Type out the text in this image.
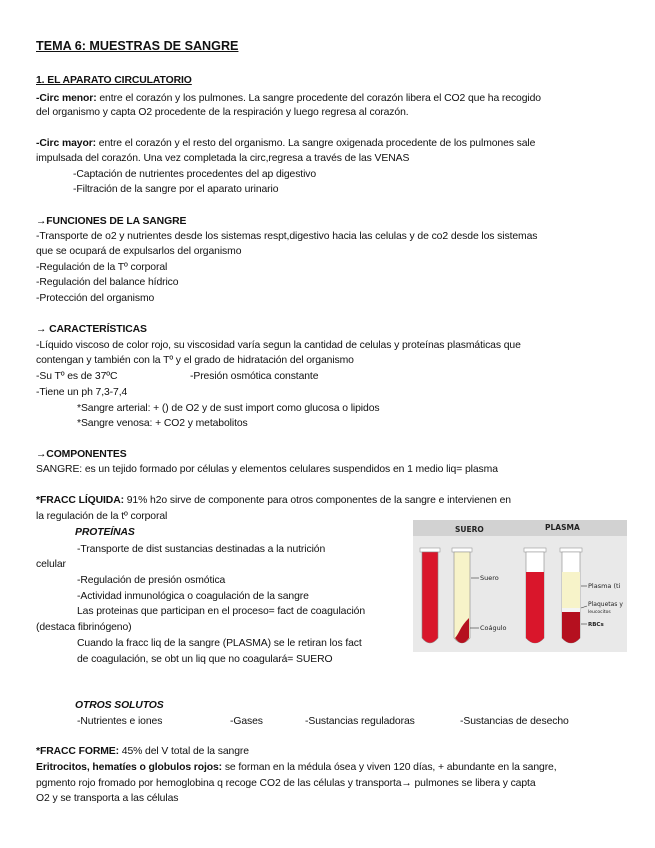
TEMA 6: MUESTRAS DE SANGRE
1. EL APARATO CIRCULATORIO
-Circ menor: entre el corazón y los pulmones. La sangre procedente del corazón libera el CO2 que ha recogido
del organismo y capta O2 procedente de la respiración y luego regresa al corazón.
-Circ mayor: entre el corazón y el resto del organismo. La sangre oxigenada procedente de los pulmones sale
impulsada del corazón. Una vez completada la circ,regresa a través de las VENAS
-Captación de nutrientes procedentes del ap digestivo
-Filtración de la sangre por el aparato urinario
→FUNCIONES DE LA SANGRE
-Transporte de o2 y nutrientes desde los sistemas respt,digestivo hacia las celulas y de co2 desde los sistemas
que se ocupará de expulsarlos del organismo
-Regulación de la Tº corporal
-Regulación del balance hídrico
-Protección del organismo
→ CARACTERÍSTICAS
-Líquido viscoso de color rojo, su viscosidad varía segun la cantidad de celulas y proteínas plasmáticas que
contengan y también con la Tº y el grado de hidratación del organismo
-Su Tº es de 37ºC	-Presión osmótica constante
-Tiene un ph 7,3-7,4
*Sangre arterial: + () de O2 y de sust import como glucosa o lipidos
*Sangre venosa: + CO2 y metabolitos
→COMPONENTES
SANGRE: es un tejido formado por células y elementos celulares suspendidos en 1 medio liq= plasma
*FRACC LÍQUIDA: 91% h2o sirve de componente para otros componentes de la sangre e intervienen en
la regulación de la tº corporal
PROTEÍNAS
-Transporte de dist sustancias destinadas a la nutrición
celular
-Regulación de presión osmótica
-Actividad inmunológica o coagulación de la sangre
Las proteinas que participan en el proceso= fact de coagulación
(destaca fibrinógeno)
Cuando la fracc liq de la sangre (PLASMA) se le retiran los fact
de coagulación, se obt un liq que no coagulará= SUERO
OTROS SOLUTOS
-Nutrientes e iones	-Gases	-Sustancias reguladoras	-Sustancias de desecho
*FRACC FORME: 45% del V total de la sangre
Eritrocitos, hematíes o globulos rojos: se forman en la médula ósea y viven 120 días, + abundante en la sangre,
pgmento rojo fromado por hemoglobina q recoge CO2 de las células y transporta→ pulmones se libera y capta
O2 y se transporta a las células
SUERO	PLASMA
Suero
Coágulo
Plasma (ti
Plaquetas y
leucocitos
RBCs
